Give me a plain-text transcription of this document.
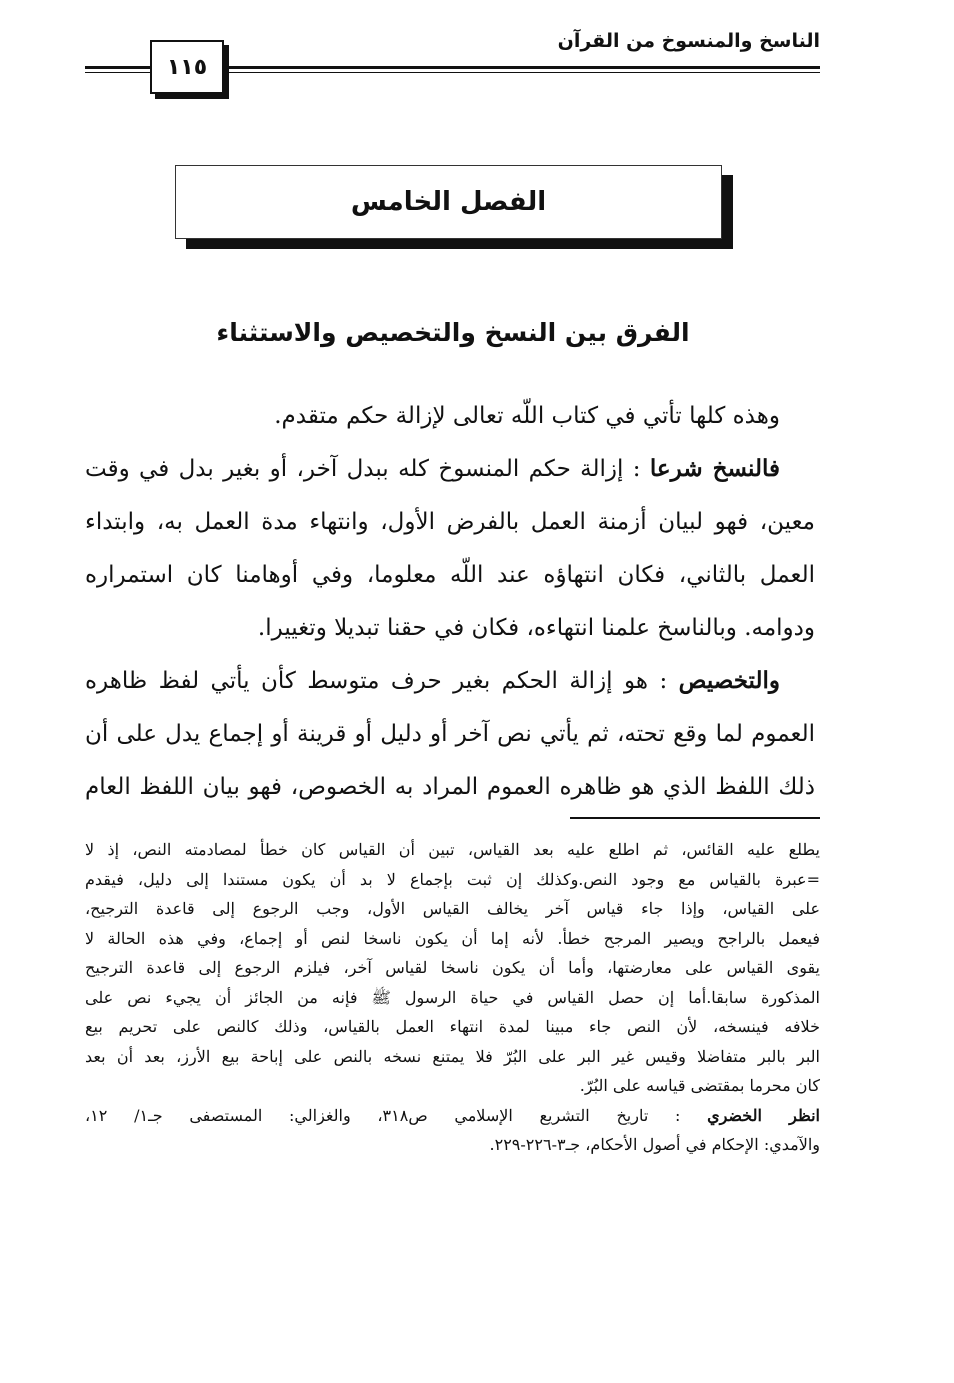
الناسخ والمنسوخ من القرآن
١١٥
الفصل الخامس
الفرق بين النسخ والتخصيص والاستثناء
وهذه كلها تأتي في كتاب اللّه تعالى لإزالة حكم متقدم.
فالنسخ شرعا : إزالة حكم المنسوخ كله ببدل آخر، أو بغير بدل في وقت
معين، فهو لبيان أزمنة العمل بالفرض الأول، وانتهاء مدة العمل به، وابتداء
العمل بالثاني، فكان انتهاؤه عند اللّه معلوما، وفي أوهامنا كان استمراره
ودوامه. وبالناسخ علمنا انتهاءه، فكان في حقنا تبديلا وتغييرا.
والتخصيص : هو إزالة الحكم بغير حرف متوسط كأن يأتي لفظ ظاهره
العموم لما وقع تحته، ثم يأتي نص آخر أو دليل أو قرينة أو إجماع يدل على أن
ذلك اللفظ الذي هو ظاهره العموم المراد به الخصوص، فهو بيان اللفظ العام
يطلع عليه القائس، ثم اطلع عليه بعد القياس، تبين أن القياس كان خطأ لمصادمته النص، إذ لا
=عبرة بالقياس مع وجود النص.وكذلك إن ثبت بإجماع لا بد أن يكون مستندا إلى دليل، فيقدم
على القياس، وإذا جاء قياس آخر يخالف القياس الأول، وجب الرجوع إلى قاعدة الترجيح،
فيعمل بالراجح ويصير المرجح خطأ. لأنه إما أن يكون ناسخا لنص أو إجماع، وفي هذه الحالة لا
يقوى القياس على معارضتها، وأما أن يكون ناسخا لقياس آخر، فيلزم الرجوع إلى قاعدة الترجيح
المذكورة سابقا.أما إن حصل القياس في حياة الرسول ﷺ فإنه من الجائز أن يجيء نص على
خلافه فينسخه، لأن النص جاء مبينا لمدة انتهاء العمل بالقياس، وذلك كالنص على تحريم بيع
البر بالبر متفاضلا وقيس غير البر على البُرّ فلا يمتنع نسخه بالنص على إباحة بيع الأرز، بعد أن بعد
كان محرما بمقتضى قياسه على البُرّ.
انظر الخضري : تاريخ التشريع الإسلامي ص٣١٨، والغزالي: المستصفى جـ١/ ١٢،
والآمدي: الإحكام في أصول الأحكام، جـ٣-٢٢٦-٢٢٩.
